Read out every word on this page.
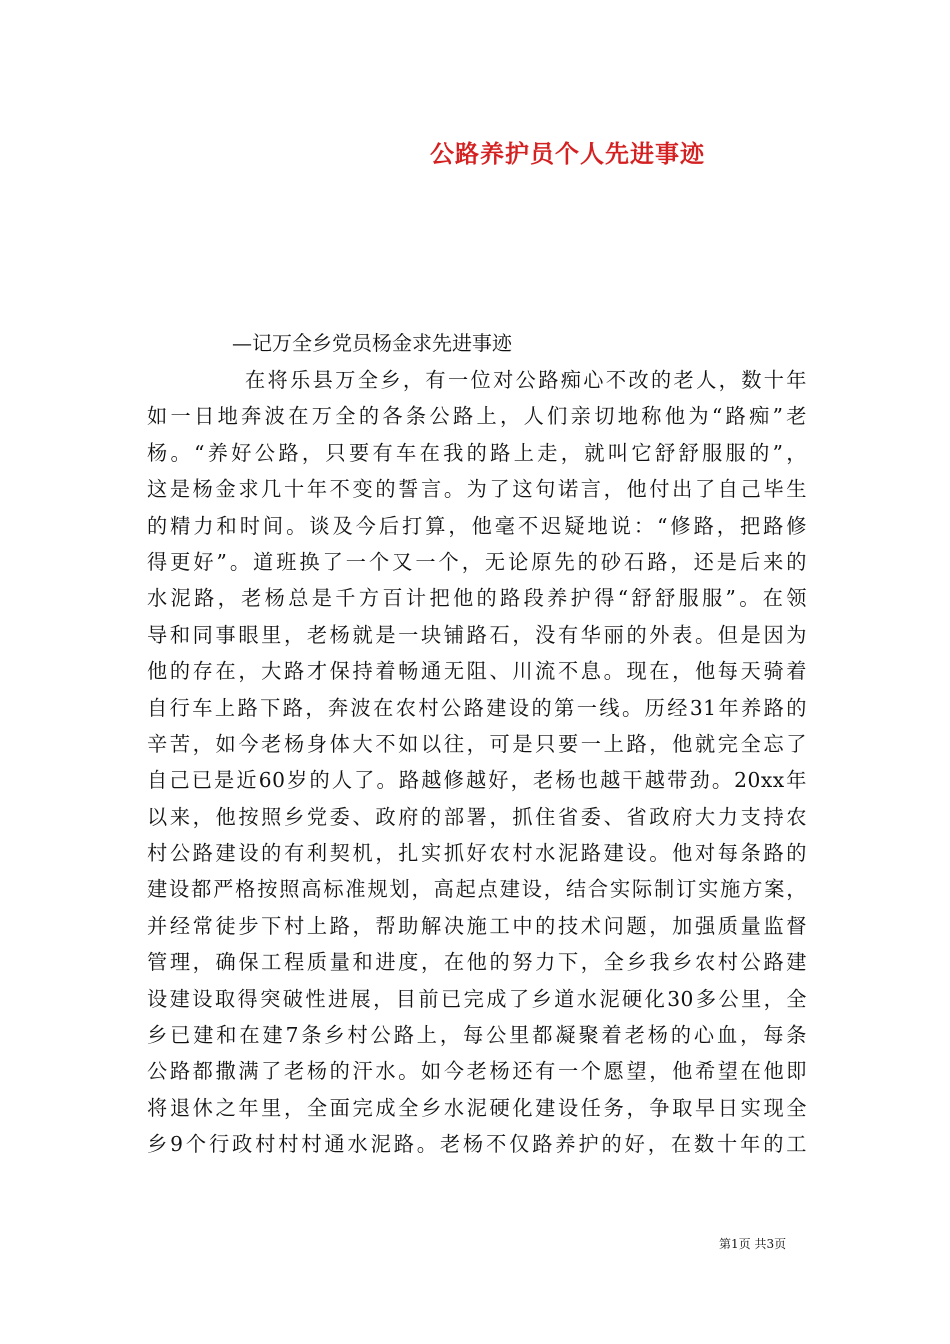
公路养护员个人先进事迹
—记万全乡党员杨金求先进事迹
在将乐县万全乡，有一位对公路痴心不改的老人，数十年
如一日地奔波在万全的各条公路上，人们亲切地称他为“路痴”老
杨。“养好公路，只要有车在我的路上走，就叫它舒舒服服的”，
这是杨金求几十年不变的誓言。为了这句诺言，他付出了自己毕生
的精力和时间。谈及今后打算，他毫不迟疑地说：“修路，把路修
得更好”。道班换了一个又一个，无论原先的砂石路，还是后来的
水泥路，老杨总是千方百计把他的路段养护得“舒舒服服”。在领
导和同事眼里，老杨就是一块铺路石，没有华丽的外表。但是因为
他的存在，大路才保持着畅通无阻、川流不息。现在，他每天骑着
自行车上路下路，奔波在农村公路建设的第一线。历经31年养路的
辛苦，如今老杨身体大不如以往，可是只要一上路，他就完全忘了
自己已是近60岁的人了。路越修越好，老杨也越干越带劲。20xx年
以来，他按照乡党委、政府的部署，抓住省委、省政府大力支持农
村公路建设的有利契机，扎实抓好农村水泥路建设。他对每条路的
建设都严格按照高标准规划，高起点建设，结合实际制订实施方案，
并经常徒步下村上路，帮助解决施工中的技术问题，加强质量监督
管理，确保工程质量和进度，在他的努力下，全乡我乡农村公路建
设建设取得突破性进展，目前已完成了乡道水泥硬化30多公里，全
乡已建和在建7条乡村公路上，每公里都凝聚着老杨的心血，每条
公路都撒满了老杨的汗水。如今老杨还有一个愿望，他希望在他即
将退休之年里，全面完成全乡水泥硬化建设任务，争取早日实现全
乡9个行政村村村通水泥路。老杨不仅路养护的好，在数十年的工
第1页 共3页
